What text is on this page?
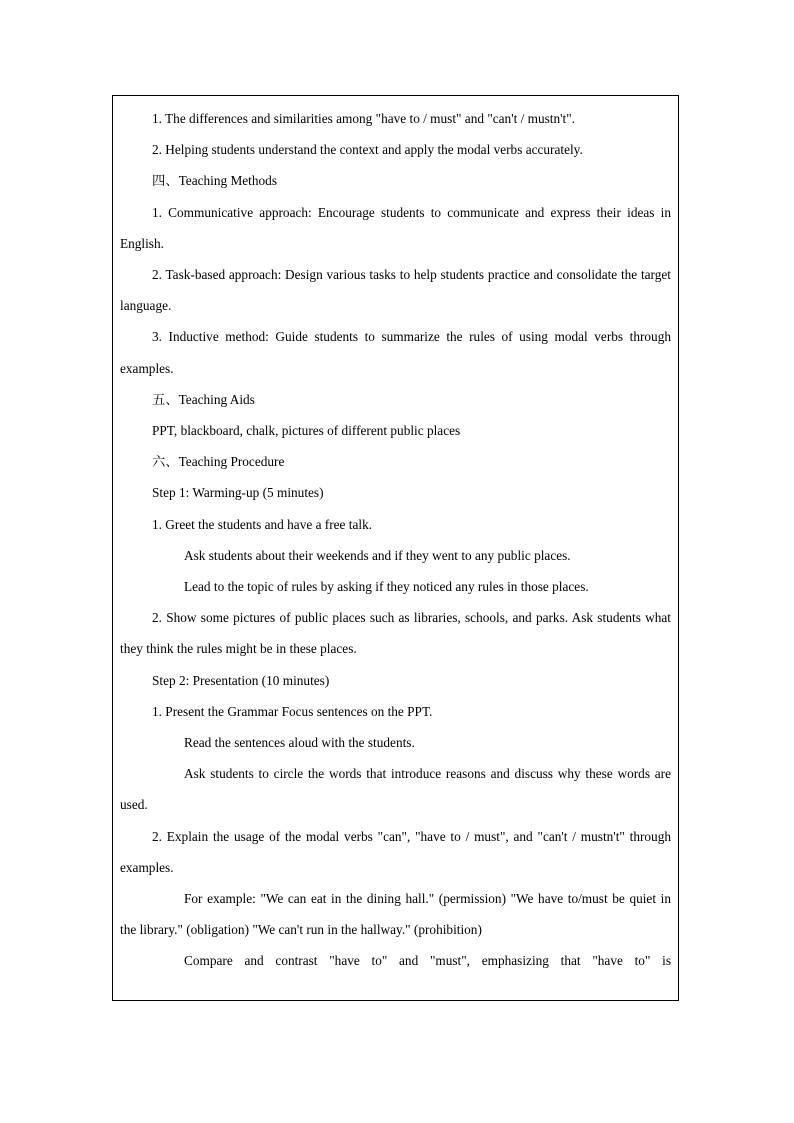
1. The differences and similarities among "have to / must" and "can't / mustn't".

2. Helping students understand the context and apply the modal verbs accurately.

四、Teaching Methods

1. Communicative approach: Encourage students to communicate and express their ideas in English.

2. Task-based approach: Design various tasks to help students practice and consolidate the target language.

3. Inductive method: Guide students to summarize the rules of using modal verbs through examples.

五、Teaching Aids

PPT, blackboard, chalk, pictures of different public places

六、Teaching Procedure

Step 1: Warming-up (5 minutes)

1. Greet the students and have a free talk.

Ask students about their weekends and if they went to any public places.

Lead to the topic of rules by asking if they noticed any rules in those places.

2. Show some pictures of public places such as libraries, schools, and parks. Ask students what they think the rules might be in these places.

Step 2: Presentation (10 minutes)

1. Present the Grammar Focus sentences on the PPT.

Read the sentences aloud with the students.

Ask students to circle the words that introduce reasons and discuss why these words are used.

2. Explain the usage of the modal verbs "can", "have to / must", and "can't / mustn't" through examples.

For example: "We can eat in the dining hall." (permission) "We have to/must be quiet in the library." (obligation) "We can't run in the hallway." (prohibition)

Compare and contrast "have to" and "must", emphasizing that "have to" is
